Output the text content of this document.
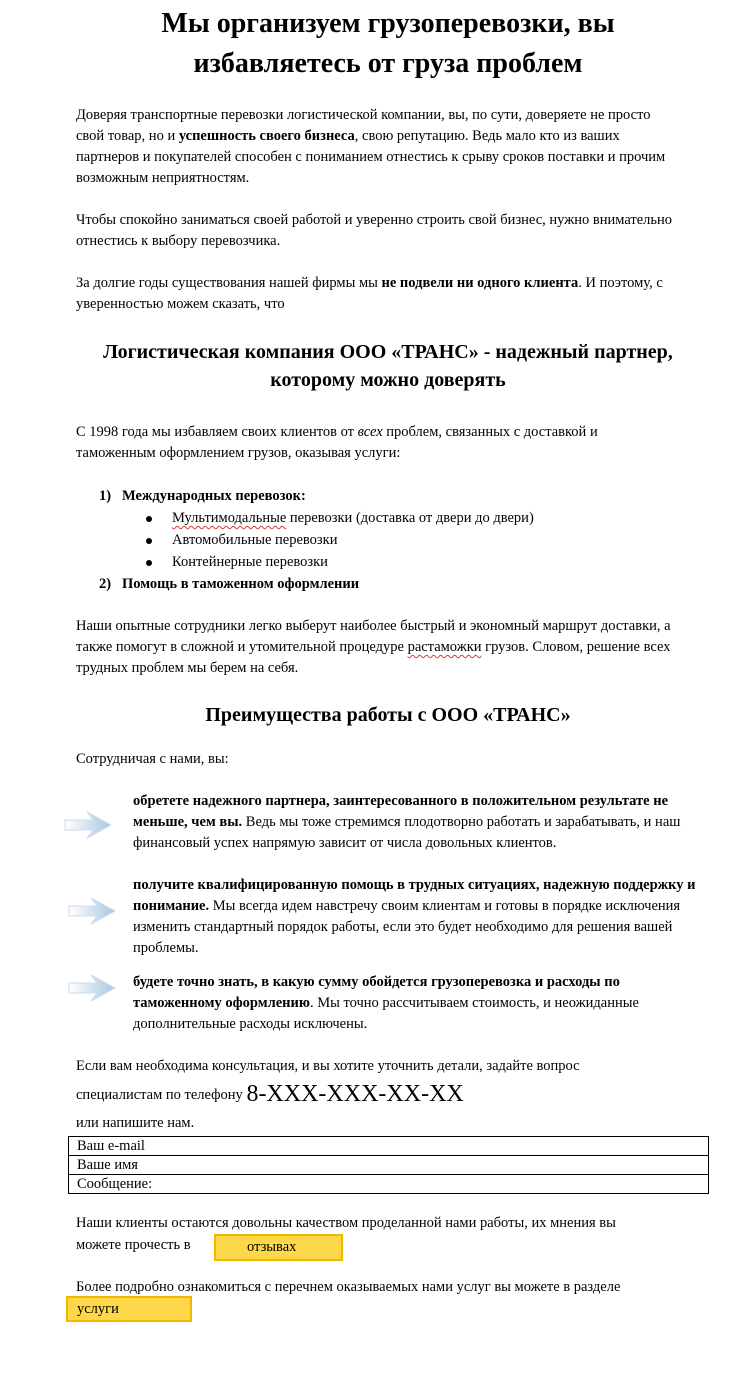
Мы организуем грузоперевозки, вы
избавляетесь от груза проблем

Доверяя транспортные перевозки логистической компании, вы, по сути, доверяете не просто свой товар, но и успешность своего бизнеса, свою репутацию. Ведь мало кто из ваших партнеров и покупателей способен с пониманием отнестись к срыву сроков поставки и прочим возможным неприятностям.

Чтобы спокойно заниматься своей работой и уверенно строить свой бизнес, нужно внимательно отнестись к выбору перевозчика.

За долгие годы существования нашей фирмы мы не подвели ни одного клиента. И поэтому, с уверенностью можем сказать, что

Логистическая компания ООО «ТРАНС» - надежный партнер,
которому можно доверять

С 1998 года мы избавляем своих клиентов от всех проблем, связанных с доставкой и таможенным оформлением грузов, оказывая услуги:

1) Международных перевозок:
Мультимодальные перевозки (доставка от двери до двери)
Автомобильные перевозки
Контейнерные перевозки
2) Помощь в таможенном оформлении

Наши опытные сотрудники легко выберут наиболее быстрый и экономный маршрут доставки, а также помогут в сложной и утомительной процедуре растаможки грузов. Словом, решение всех трудных проблем мы берем на себя.

Преимущества работы с ООО «ТРАНС»

Сотрудничая с нами, вы:

обретете надежного партнера, заинтересованного в положительном результате не меньше, чем вы. Ведь мы тоже стремимся плодотворно работать и зарабатывать, и наш финансовый успех напрямую зависит от числа довольных клиентов.
получите квалифицированную помощь в трудных ситуациях, надежную поддержку и понимание. Мы всегда идем навстречу своим клиентам и готовы в порядке исключения изменить стандартный порядок работы, если это будет необходимо для решения вашей проблемы.
будете точно знать, в какую сумму обойдется грузоперевозка и расходы по таможенному оформлению. Мы точно рассчитываем стоимость, и неожиданные дополнительные расходы исключены.

Если вам необходима консультация, и вы хотите уточнить детали, задайте вопрос

специалистам по телефону 8-XXX-XXX-XX-XX

или напишите нам.

Ваш e-mail
Ваше имя
Сообщение:

Наши клиенты остаются довольны качеством проделанной нами работы, их мнения вы

можете прочесть в	отзывах

Более подробно ознакомиться с перечнем оказываемых нами услуг вы можете в разделе

услуги
